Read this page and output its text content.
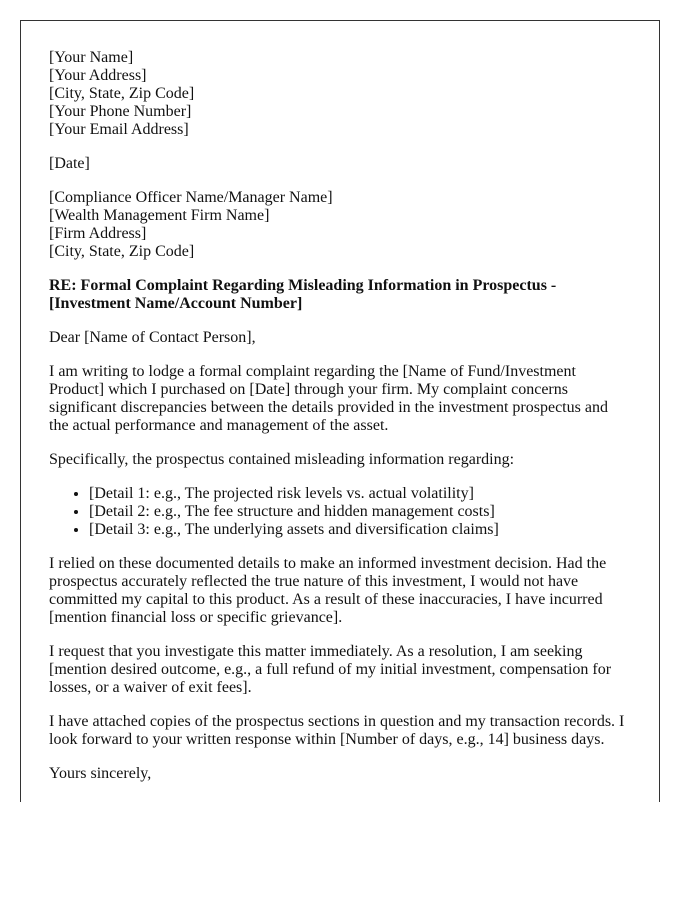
[Your Name]
[Your Address]
[City, State, Zip Code]
[Your Phone Number]
[Your Email Address]

[Date]

[Compliance Officer Name/Manager Name]
[Wealth Management Firm Name]
[Firm Address]
[City, State, Zip Code]
RE: Formal Complaint Regarding Misleading Information in Prospectus -
[Investment Name/Account Number]

Dear [Name of Contact Person],

I am writing to lodge a formal complaint regarding the [Name of Fund/Investment Product] which I purchased on [Date] through your firm. My complaint concerns significant discrepancies between the details provided in the investment prospectus and the actual performance and management of the asset.

Specifically, the prospectus contained misleading information regarding:

• [Detail 1: e.g., The projected risk levels vs. actual volatility]
• [Detail 2: e.g., The fee structure and hidden management costs]
• [Detail 3: e.g., The underlying assets and diversification claims]

I relied on these documented details to make an informed investment decision. Had the prospectus accurately reflected the true nature of this investment, I would not have committed my capital to this product. As a result of these inaccuracies, I have incurred [mention financial loss or specific grievance].

I request that you investigate this matter immediately. As a resolution, I am seeking [mention desired outcome, e.g., a full refund of my initial investment, compensation for losses, or a waiver of exit fees].

I have attached copies of the prospectus sections in question and my transaction records. I look forward to your written response within [Number of days, e.g., 14] business days.

Yours sincerely,
